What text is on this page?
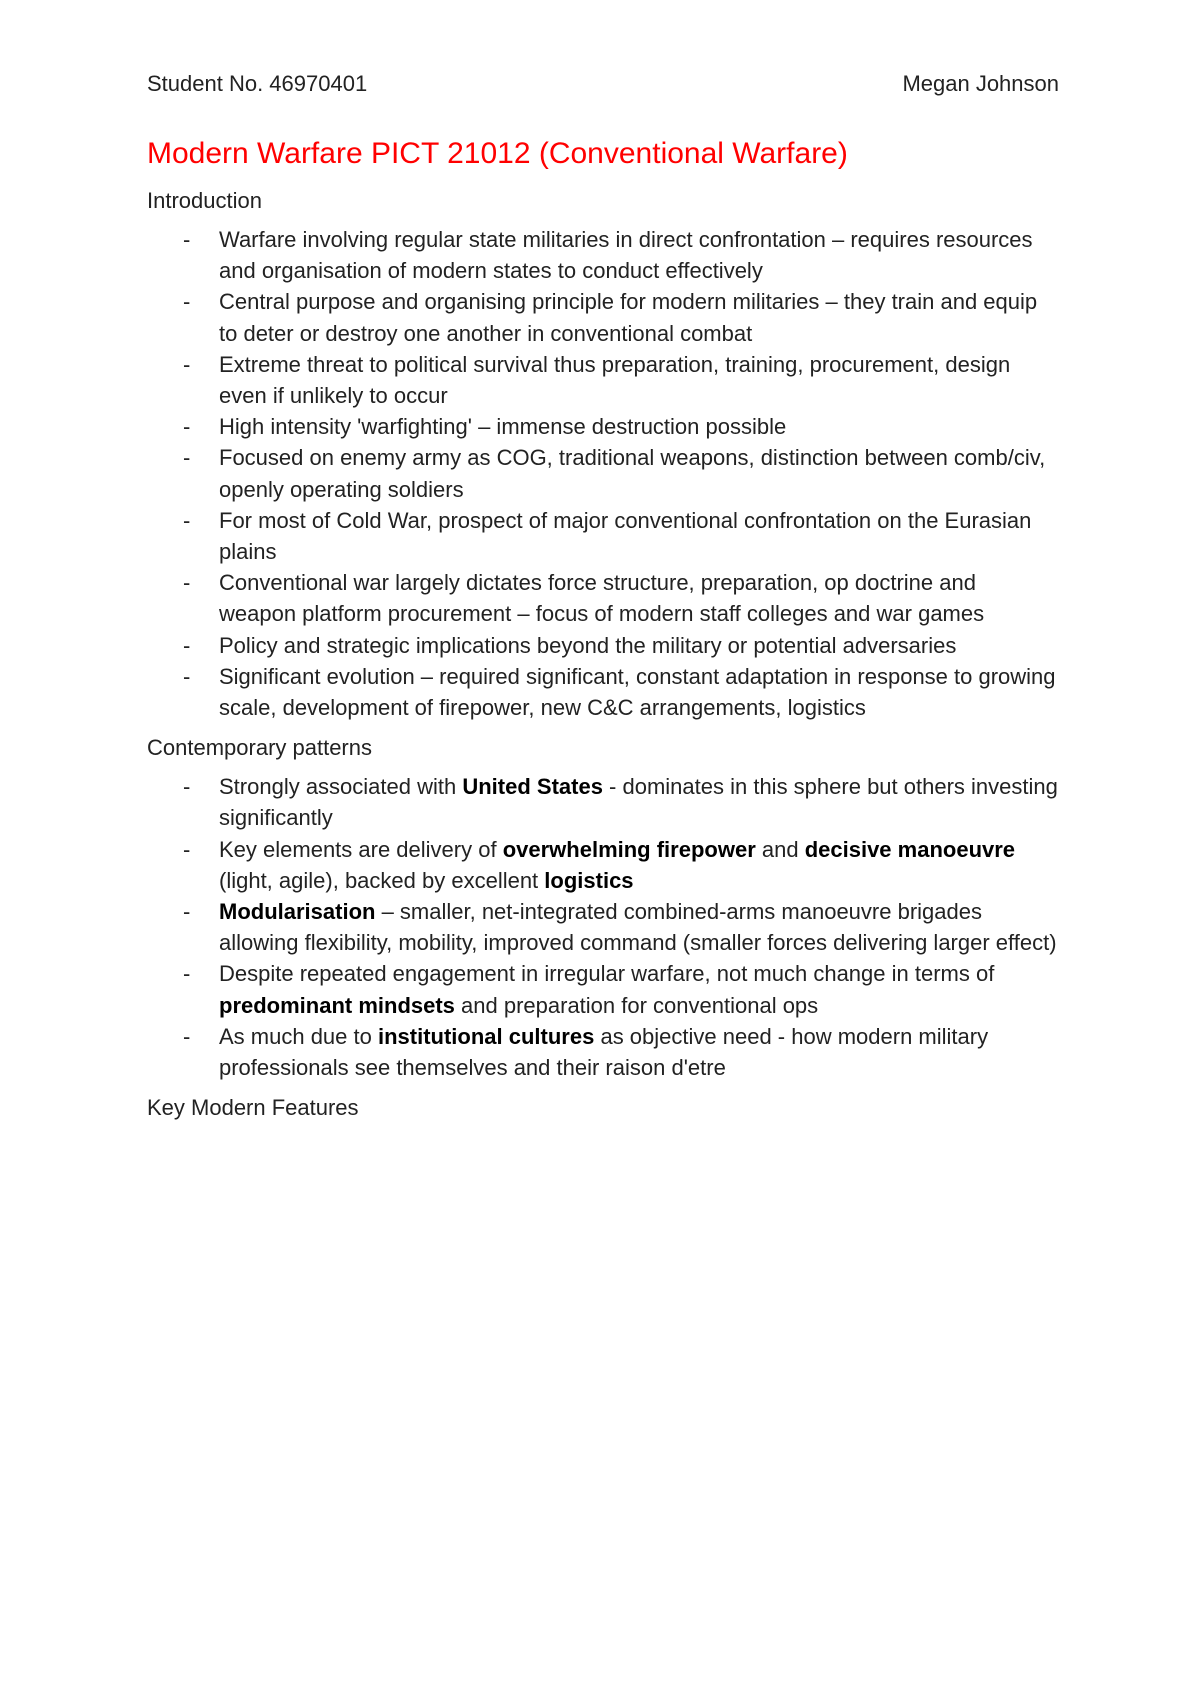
Student No. 46970401	Megan Johnson
Modern Warfare PICT 21012 (Conventional Warfare)
Introduction
- Warfare involving regular state militaries in direct confrontation – requires resources and organisation of modern states to conduct effectively
- Central purpose and organising principle for modern militaries – they train and equip to deter or destroy one another in conventional combat
- Extreme threat to political survival thus preparation, training, procurement, design even if unlikely to occur
- High intensity 'warfighting' – immense destruction possible
- Focused on enemy army as COG, traditional weapons, distinction between comb/civ, openly operating soldiers
- For most of Cold War, prospect of major conventional confrontation on the Eurasian plains
- Conventional war largely dictates force structure, preparation, op doctrine and weapon platform procurement – focus of modern staff colleges and war games
- Policy and strategic implications beyond the military or potential adversaries
- Significant evolution – required significant, constant adaptation in response to growing scale, development of firepower, new C&C arrangements, logistics
Contemporary patterns
- Strongly associated with United States - dominates in this sphere but others investing significantly
- Key elements are delivery of overwhelming firepower and decisive manoeuvre (light, agile), backed by excellent logistics
- Modularisation – smaller, net-integrated combined-arms manoeuvre brigades allowing flexibility, mobility, improved command (smaller forces delivering larger effect)
- Despite repeated engagement in irregular warfare, not much change in terms of predominant mindsets and preparation for conventional ops
- As much due to institutional cultures as objective need - how modern military professionals see themselves and their raison d'etre
Key Modern Features
